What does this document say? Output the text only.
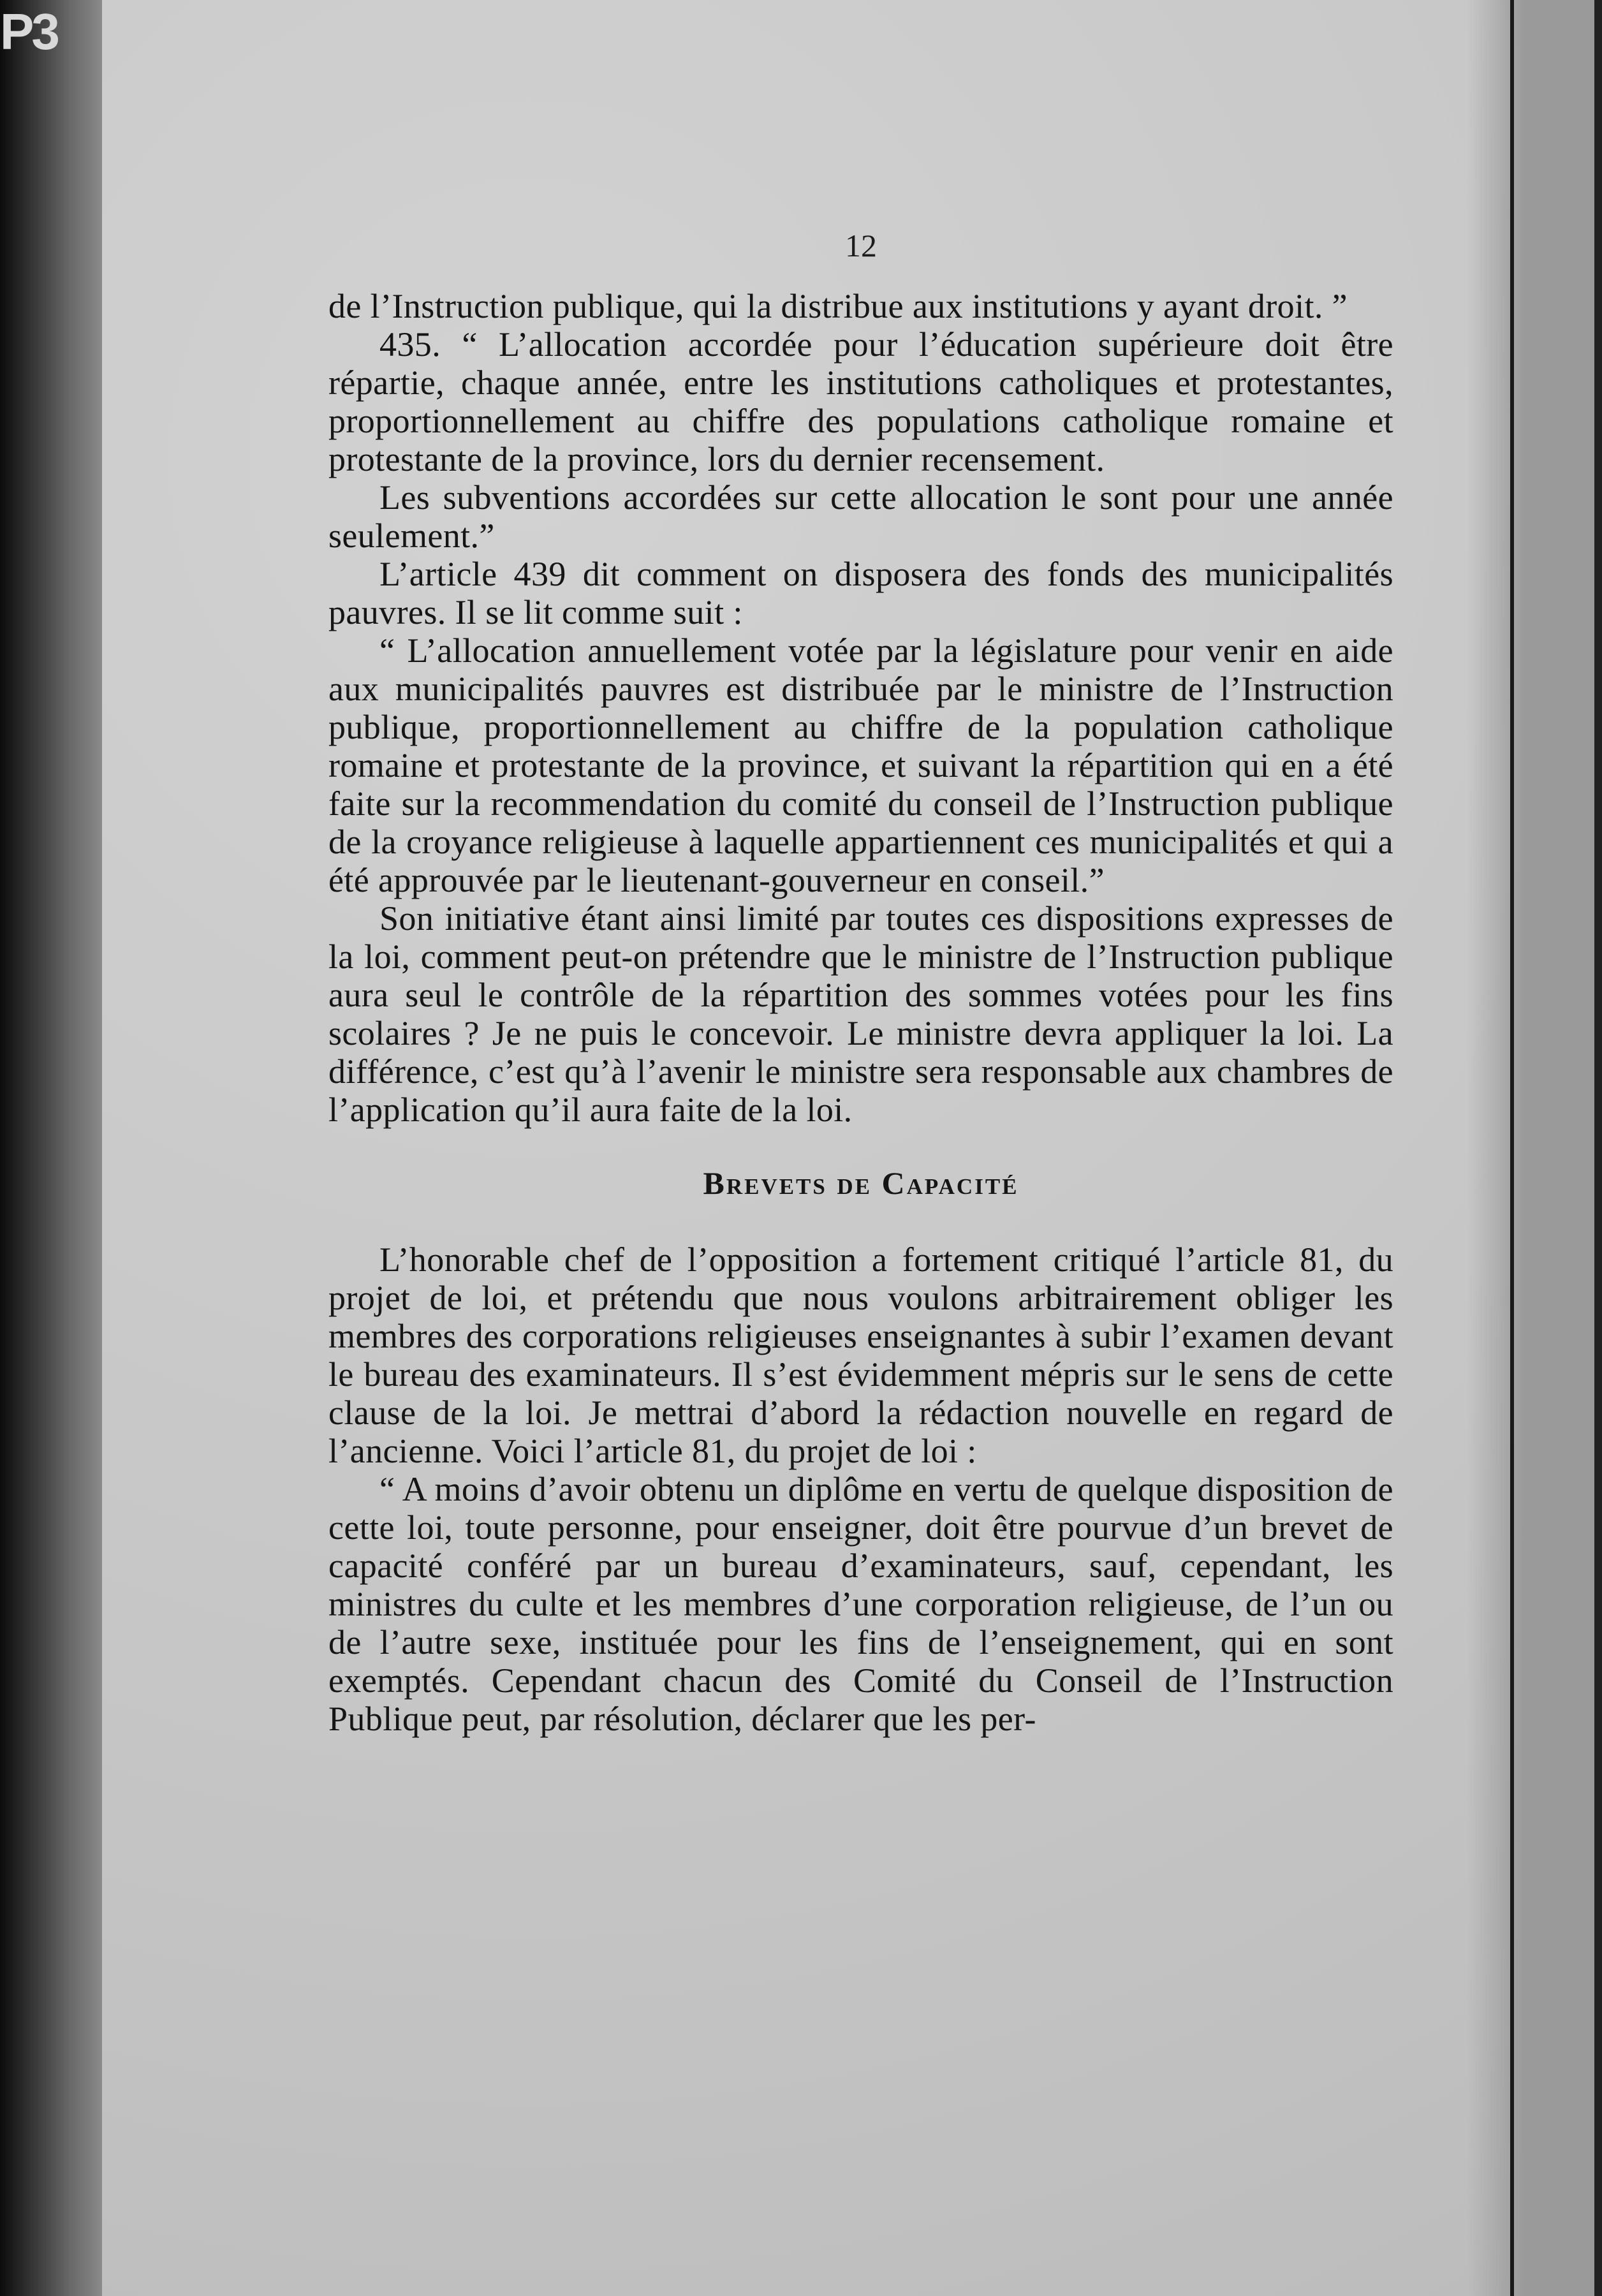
P3
12

de l’Instruction publique, qui la distribue aux institutions y ayant droit. ”

435. “ L’allocation accordée pour l’éducation supérieure doit être répartie, chaque année, entre les institutions catholiques et protestantes, proportionnellement au chiffre des populations catholique romaine et protestante de la province, lors du dernier recensement.

Les subventions accordées sur cette allocation le sont pour une année seulement.”

L’article 439 dit comment on disposera des fonds des municipalités pauvres. Il se lit comme suit :

“ L’allocation annuellement votée par la législature pour venir en aide aux municipalités pauvres est distribuée par le ministre de l’Instruction publique, proportionnellement au chiffre de la population catholique romaine et protestante de la province, et suivant la répartition qui en a été faite sur la recommendation du comité du conseil de l’Instruction publique de la croyance religieuse à laquelle appartiennent ces municipalités et qui a été approuvée par le lieutenant-gouverneur en conseil.”

Son initiative étant ainsi limité par toutes ces dispositions expresses de la loi, comment peut-on prétendre que le ministre de l’Instruction publique aura seul le contrôle de la répartition des sommes votées pour les fins scolaires ? Je ne puis le concevoir. Le ministre devra appliquer la loi. La différence, c’est qu’à l’avenir le ministre sera responsable aux chambres de l’application qu’il aura faite de la loi.

Brevets de Capacité

L’honorable chef de l’opposition a fortement critiqué l’article 81, du projet de loi, et prétendu que nous voulons arbitrairement obliger les membres des corporations religieuses enseignantes à subir l’examen devant le bureau des examinateurs. Il s’est évidemment mépris sur le sens de cette clause de la loi. Je mettrai d’abord la rédaction nouvelle en regard de l’ancienne. Voici l’article 81, du projet de loi :

“ A moins d’avoir obtenu un diplôme en vertu de quelque disposition de cette loi, toute personne, pour enseigner, doit être pourvue d’un brevet de capacité conféré par un bureau d’examinateurs, sauf, cependant, les ministres du culte et les membres d’une corporation religieuse, de l’un ou de l’autre sexe, instituée pour les fins de l’enseignement, qui en sont exemptés. Cependant chacun des Comité du Conseil de l’Instruction Publique peut, par résolution, déclarer que les per-
